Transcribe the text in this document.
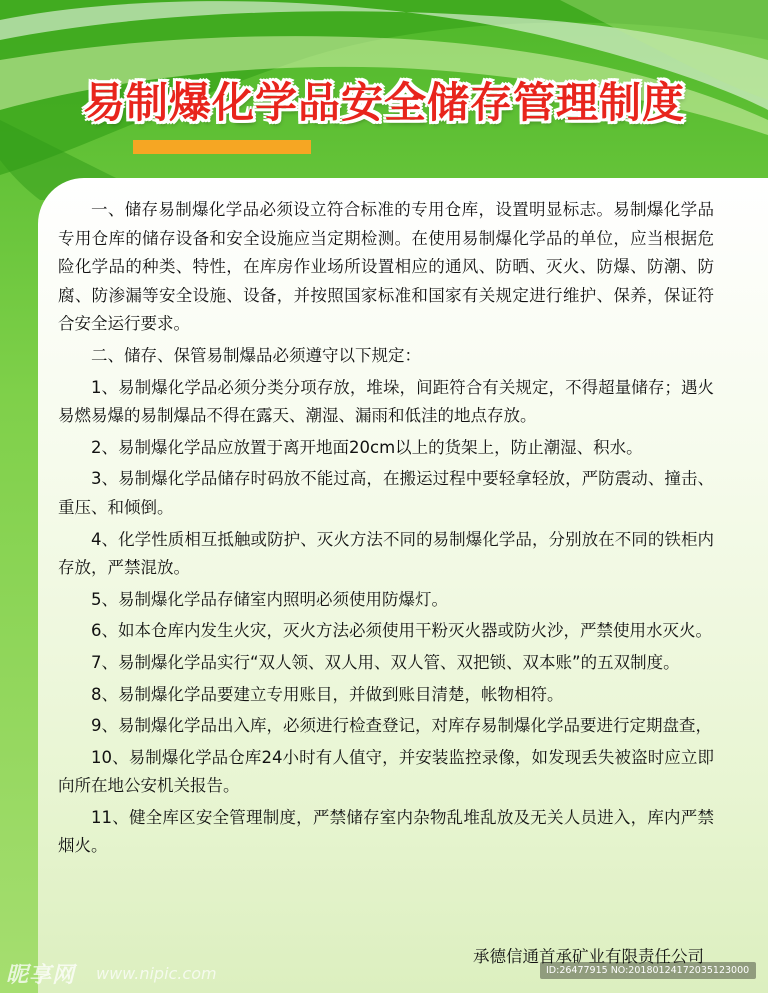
易制爆化学品安全储存管理制度

一、储存易制爆化学品必须设立符合标准的专用仓库，设置明显标志。易制爆化学品专用仓库的储存设备和安全设施应当定期检测。在使用易制爆化学品的单位，应当根据危险化学品的种类、特性，在库房作业场所设置相应的通风、防晒、灭火、防爆、防潮、防腐、防渗漏等安全设施、设备，并按照国家标准和国家有关规定进行维护、保养，保证符合安全运行要求。

二、储存、保管易制爆品必须遵守以下规定：

1、易制爆化学品必须分类分项存放，堆垛，间距符合有关规定，不得超量储存；遇火易燃易爆的易制爆品不得在露天、潮湿、漏雨和低洼的地点存放。

2、易制爆化学品应放置于离开地面20cm以上的货架上，防止潮湿、积水。

3、易制爆化学品储存时码放不能过高，在搬运过程中要轻拿轻放，严防震动、撞击、重压、和倾倒。

4、化学性质相互抵触或防护、灭火方法不同的易制爆化学品，分别放在不同的铁柜内存放，严禁混放。

5、易制爆化学品存储室内照明必须使用防爆灯。

6、如本仓库内发生火灾，灭火方法必须使用干粉灭火器或防火沙，严禁使用水灭火。

7、易制爆化学品实行“双人领、双人用、双人管、双把锁、双本账”的五双制度。

8、易制爆化学品要建立专用账目，并做到账目清楚，帐物相符。

9、易制爆化学品出入库，必须进行检查登记，对库存易制爆化学品要进行定期盘查，

10、易制爆化学品仓库24小时有人值守，并安装监控录像，如发现丢失被盗时应立即向所在地公安机关报告。

11、健全库区安全管理制度，严禁储存室内杂物乱堆乱放及无关人员进入，库内严禁烟火。

承德信通首承矿业有限责任公司
昵享网 www.nipic.com	ID:26477915 NO:20180124172035123000
